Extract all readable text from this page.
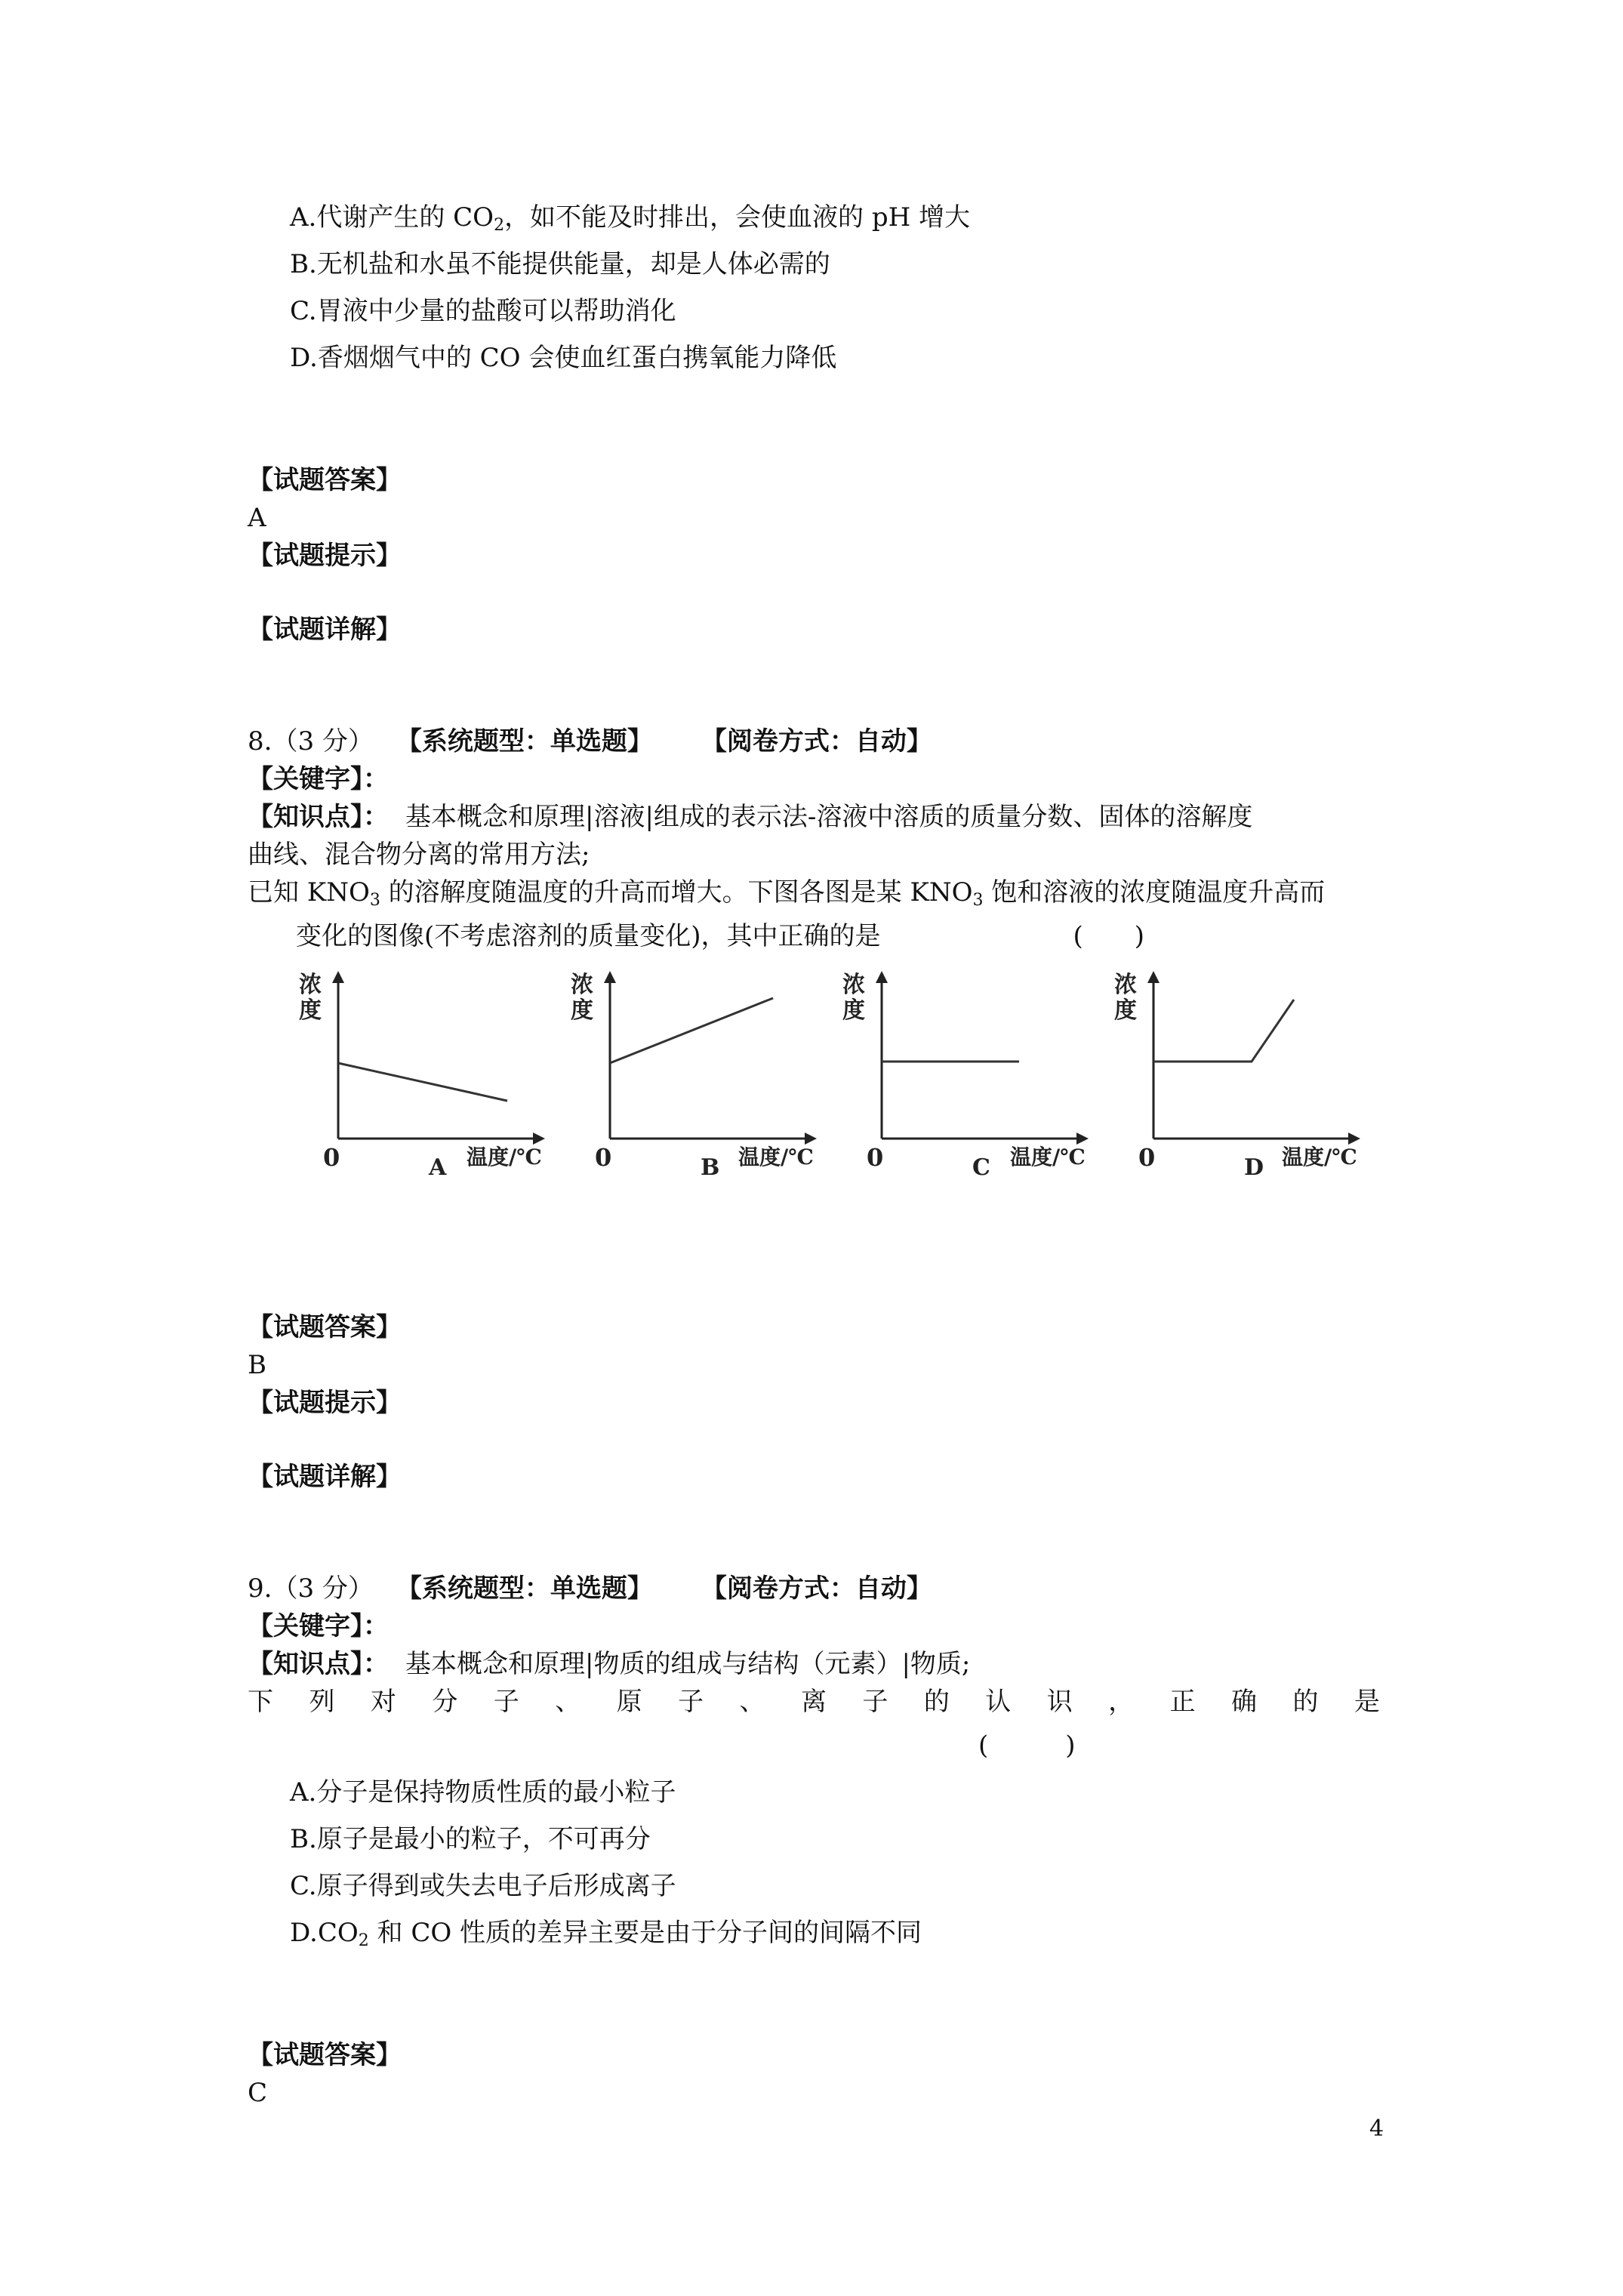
A.代谢产生的 $CO_2$，如不能及时排出，会使血液的 pH 增大
B.无机盐和水虽不能提供能量，却是人体必需的
C.胃液中少量的盐酸可以帮助消化
D.香烟烟气中的 CO 会使血红蛋白携氧能力降低
【试题答案】
A
【试题提示】
【试题详解】
8.（3 分） 【系统题型：单选题】 【阅卷方式：自动】
【关键字】：
【知识点】： 基本概念和原理|溶液|组成的表示法-溶液中溶质的质量分数、固体的溶解度
曲线、混合物分离的常用方法;
已知 $KNO_3$ 的溶解度随温度的升高而增大。下图各图是某 $KNO_3$ 饱和溶液的浓度随温度升高而
变化的图像(不考虑溶剂的质量变化)，其中正确的是	(　　)
浓
度
0	温度/℃
A
浓
度
0	温度/℃
B
浓
度
0	温度/℃
C
浓
度
0	温度/℃
D
【试题答案】
B
【试题提示】
【试题详解】
9.（3 分） 【系统题型：单选题】 【阅卷方式：自动】
【关键字】：
【知识点】： 基本概念和原理|物质的组成与结构（元素）|物质;
下 列 对 分 子 、 原 子 、 离 子 的 认 识 ， 正 确 的 是
(　　　)
A.分子是保持物质性质的最小粒子
B.原子是最小的粒子，不可再分
C.原子得到或失去电子后形成离子
$D.CO_2$ 和 CO 性质的差异主要是由于分子间的间隔不同
【试题答案】
C
4
